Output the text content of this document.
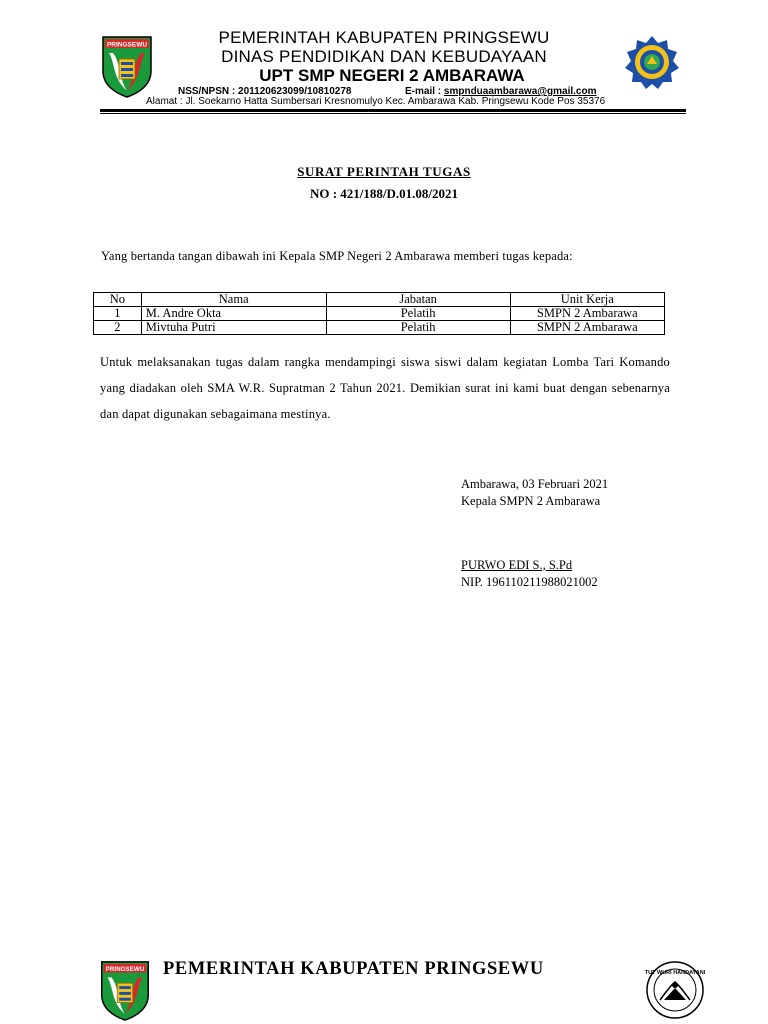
PRINGSEWU	PEMERINTAH KABUPATEN PRINGSEWU
DINAS PENDIDIKAN DAN KEBUDAYAAN
UPT SMP NEGERI 2 AMBARAWA
NSS/NPSN : 201120623099/10810278	E-mail : smpnduaambarawa@gmail.com
Alamat : Jl. Soekarno Hatta Sumbersari Kresnomulyo Kec. Ambarawa Kab. Pringsewu Kode Pos 35376
SURAT PERINTAH TUGAS
NO : 421/188/D.01.08/2021
Yang bertanda tangan dibawah ini Kepala SMP Negeri 2 Ambarawa memberi tugas kepada:
No	Nama	Jabatan	Unit Kerja
1	M. Andre Okta	Pelatih	SMPN 2 Ambarawa
2	Mivtuha Putri	Pelatih	SMPN 2 Ambarawa
Untuk melaksanakan tugas dalam rangka mendampingi siswa siswi dalam kegiatan Lomba Tari Komando yang diadakan oleh SMA W.R. Supratman 2 Tahun 2021. Demikian surat ini kami buat dengan sebenarnya dan dapat digunakan sebagaimana mestinya.
Ambarawa, 03 Februari 2021
Kepala SMPN 2 Ambarawa
PURWO EDI S., S.Pd
NIP. 196110211988021002
PRINGSEWU PEMERINTAH KABUPATEN PRINGSEWU	TUT WURI HANDAYANI
